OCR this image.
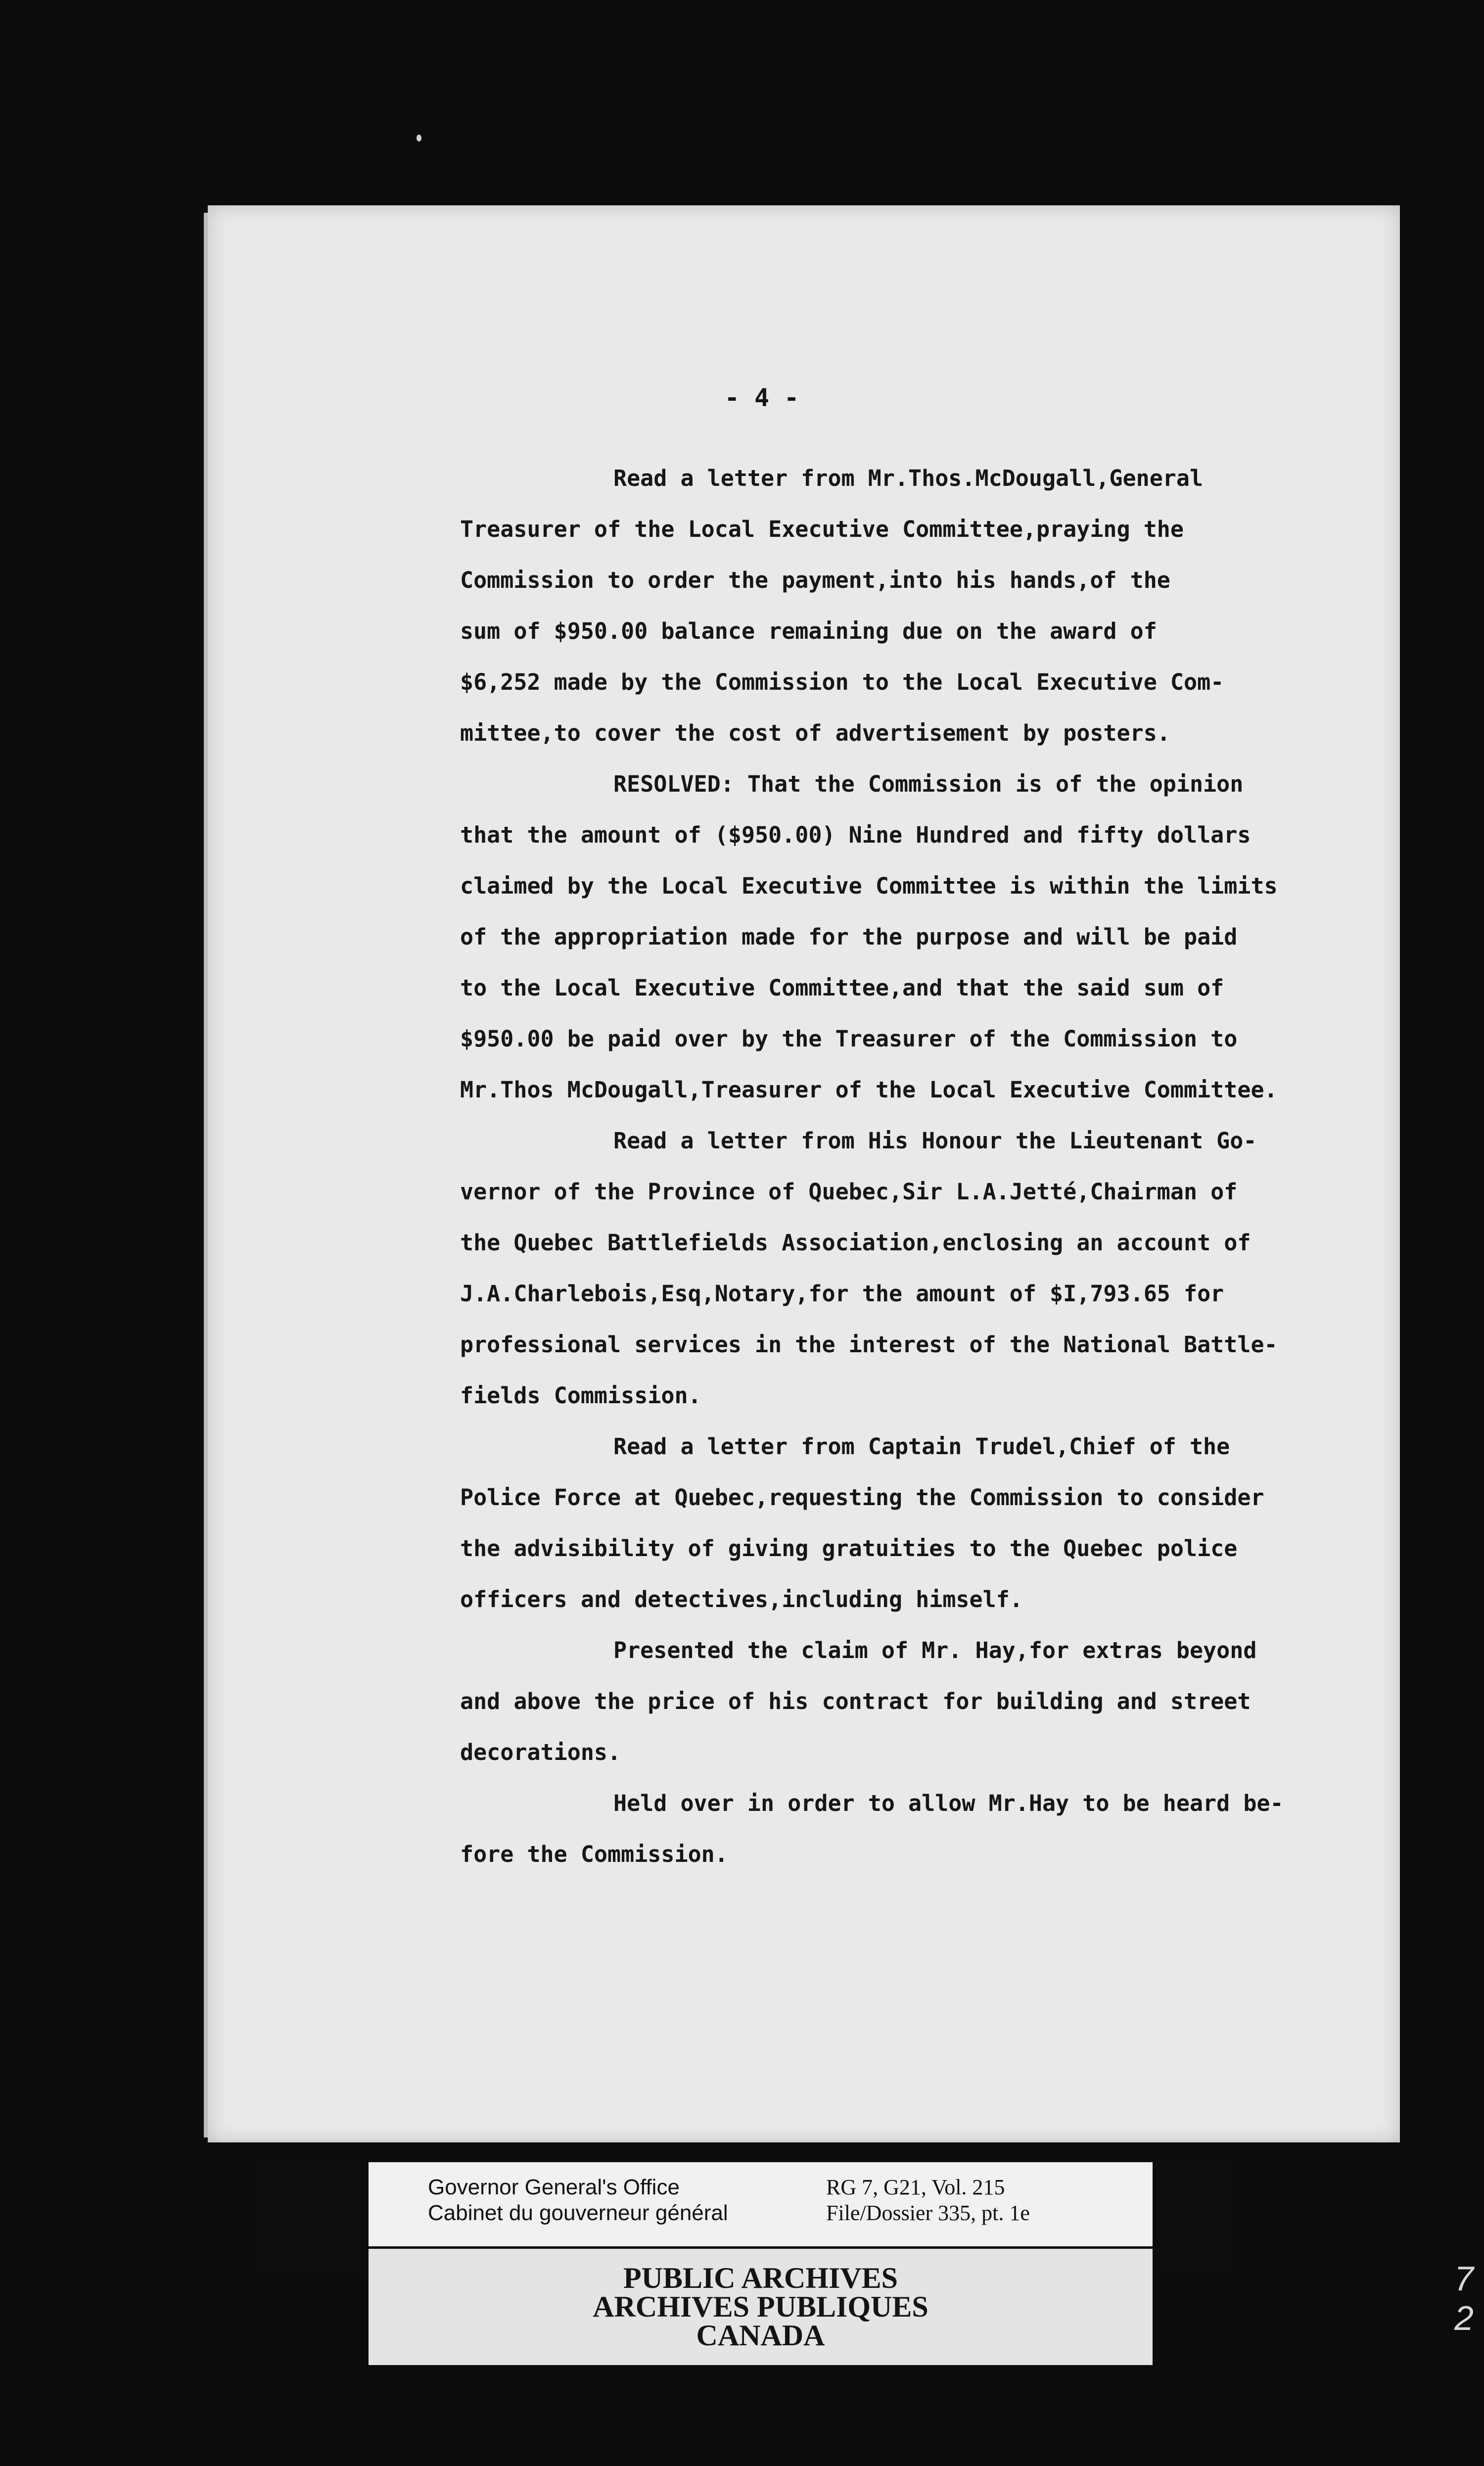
- 4 -
Read a letter from Mr.Thos.McDougall,General
Treasurer of the Local Executive Committee,praying the
Commission to order the payment,into his hands,of the
sum of $950.00 balance remaining due on the award of
$6,252 made by the Commission to the Local Executive Com-
mittee,to cover the cost of advertisement by posters.
RESOLVED: That the Commission is of the opinion
that the amount of ($950.00) Nine Hundred and fifty dollars
claimed by the Local Executive Committee is within the limits
of the appropriation made for the purpose and will be paid
to the Local Executive Committee,and that the said sum of
$950.00 be paid over by the Treasurer of the Commission to
Mr.Thos McDougall,Treasurer of the Local Executive Committee.
Read a letter from His Honour the Lieutenant Go-
vernor of the Province of Quebec,Sir L.A.Jetté,Chairman of
the Quebec Battlefields Association,enclosing an account of
J.A.Charlebois,Esq,Notary,for the amount of $I,793.65 for
professional services in the interest of the National Battle-
fields Commission.
Read a letter from Captain Trudel,Chief of the
Police Force at Quebec,requesting the Commission to consider
the advisibility of giving gratuities to the Quebec police
officers and detectives,including himself.
Presented the claim of Mr. Hay,for extras beyond
and above the price of his contract for building and street
decorations.
Held over in order to allow Mr.Hay to be heard be-
fore the Commission.
Governor General's Office
Cabinet du gouverneur général
RG 7, G21, Vol. 215
File/Dossier 335, pt. 1e
PUBLIC ARCHIVES
ARCHIVES PUBLIQUES
CANADA
7 2
